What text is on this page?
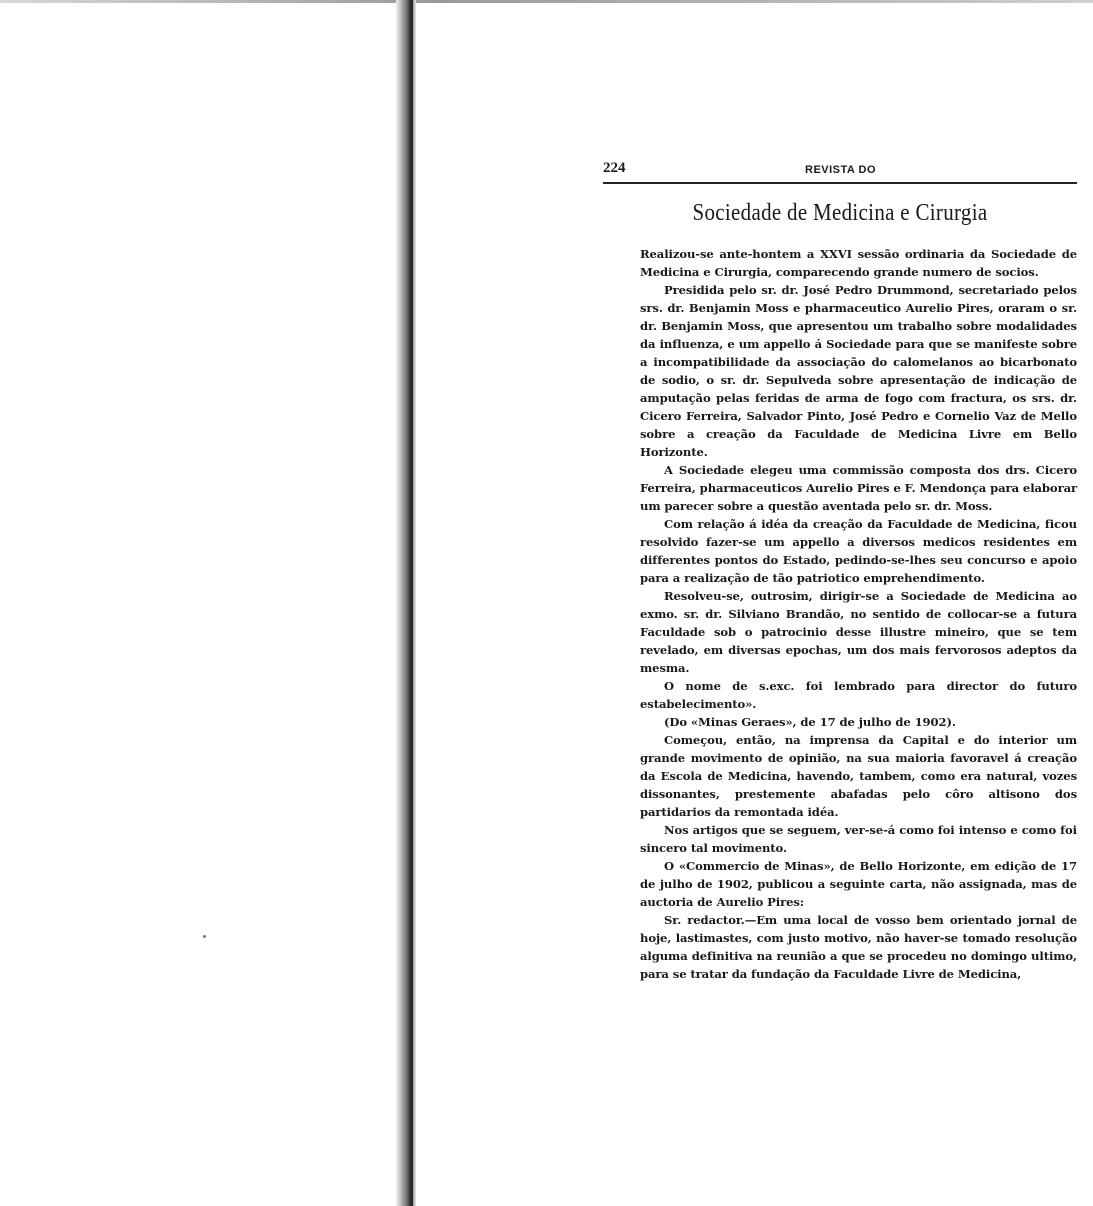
224	REVISTA DO
Sociedade de Medicina e Cirurgia

Realizou-se ante-hontem a XXVI sessão ordinaria da Sociedade de Medicina e Cirurgia, comparecendo grande numero de socios.

Presidida pelo sr. dr. José Pedro Drummond, secretariado pelos srs. dr. Benjamin Moss e pharmaceutico Aurelio Pires, oraram o sr. dr. Benjamin Moss, que apresentou um trabalho sobre modalidades da influenza, e um appello á Sociedade para que se manifeste sobre a incompatibilidade da associação do calomelanos ao bicarbonato de sodio, o sr. dr. Sepulveda sobre apresentação de indicação de amputação pelas feridas de arma de fogo com fractura, os srs. dr. Cicero Ferreira, Salvador Pinto, José Pedro e Cornelio Vaz de Mello sobre a creação da Faculdade de Medicina Livre em Bello Horizonte.

A Sociedade elegeu uma commissão composta dos drs. Cicero Ferreira, pharmaceuticos Aurelio Pires e F. Mendonça para elaborar um parecer sobre a questão aventada pelo sr. dr. Moss.

Com relação á idéa da creação da Faculdade de Medicina, ficou resolvido fazer-se um appello a diversos medicos residentes em differentes pontos do Estado, pedindo-se-lhes seu concurso e apoio para a realização de tão patriotico emprehendimento.

Resolveu-se, outrosim, dirigir-se a Sociedade de Medicina ao exmo. sr. dr. Silviano Brandão, no sentido de collocar-se a futura Faculdade sob o patrocinio desse illustre mineiro, que se tem revelado, em diversas epochas, um dos mais fervorosos adeptos da mesma.

O nome de s.exc. foi lembrado para director do futuro estabelecimento».

(Do «Minas Geraes», de 17 de julho de 1902).

Começou, então, na imprensa da Capital e do interior um grande movimento de opinião, na sua maioria favoravel á creação da Escola de Medicina, havendo, tambem, como era natural, vozes dissonantes, prestemente abafadas pelo côro altisono dos partidarios da remontada idéa.

Nos artigos que se seguem, ver-se-á como foi intenso e como foi sincero tal movimento.

O «Commercio de Minas», de Bello Horizonte, em edição de 17 de julho de 1902, publicou a seguinte carta, não assignada, mas de auctoria de Aurelio Pires:

Sr. redactor.—Em uma local de vosso bem orientado jornal de hoje, lastimastes, com justo motivo, não haver-se tomado resolução alguma definitiva na reunião a que se procedeu no domingo ultimo, para se tratar da fundação da Faculdade Livre de Medicina,
